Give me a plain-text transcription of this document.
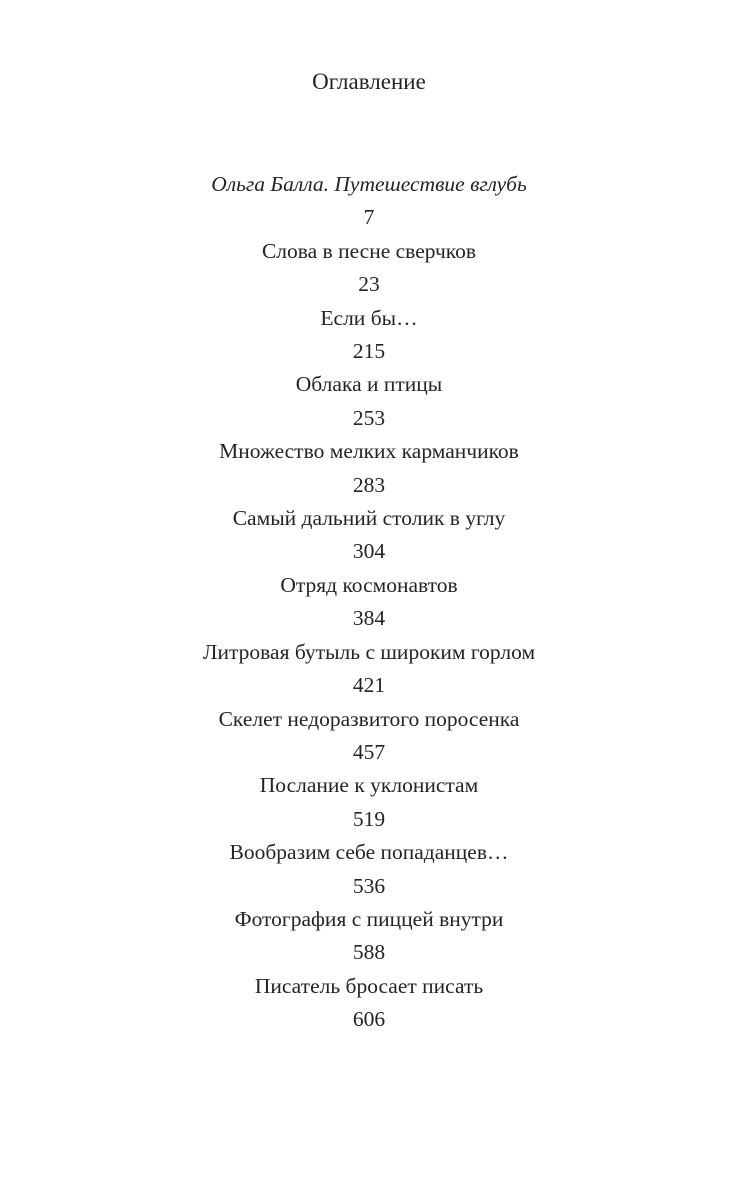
Оглавление
Ольга Балла. Путешествие вглубь
7
Слова в песне сверчков
23
Если бы…
215
Облака и птицы
253
Множество мелких карманчиков
283
Самый дальний столик в углу
304
Отряд космонавтов
384
Литровая бутыль с широким горлом
421
Скелет недоразвитого поросенка
457
Послание к уклонистам
519
Вообразим себе попаданцев…
536
Фотография с пиццей внутри
588
Писатель бросает писать
606
